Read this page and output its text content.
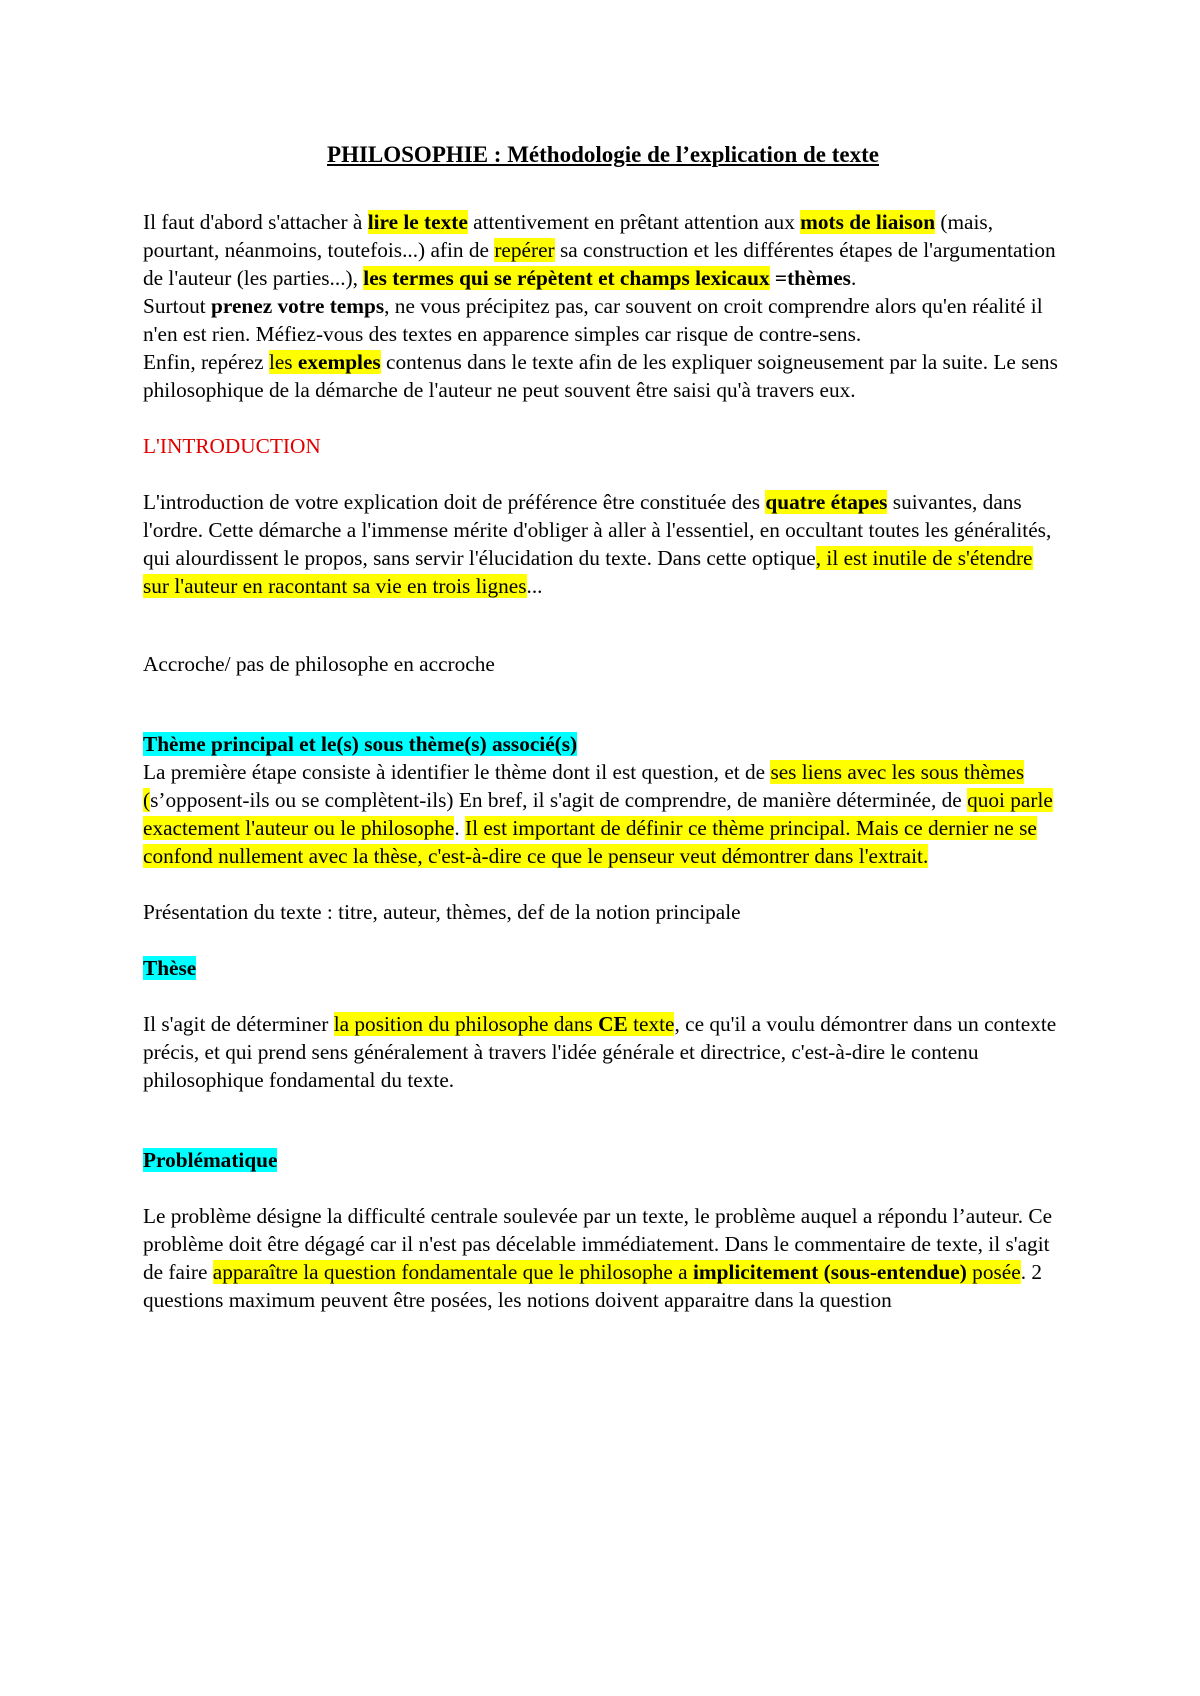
PHILOSOPHIE : Méthodologie de l’explication de texte

Il faut d'abord s'attacher à lire le texte attentivement en prêtant attention aux mots de liaison (mais, pourtant, néanmoins, toutefois...) afin de repérer sa construction et les différentes étapes de l'argumentation de l'auteur (les parties...), les termes qui se répètent et champs lexicaux =thèmes.

Surtout prenez votre temps, ne vous précipitez pas, car souvent on croit comprendre alors qu'en réalité il n'en est rien. Méfiez-vous des textes en apparence simples car risque de contre-sens.

Enfin, repérez les exemples contenus dans le texte afin de les expliquer soigneusement par la suite. Le sens philosophique de la démarche de l'auteur ne peut souvent être saisi qu'à travers eux.

L'INTRODUCTION

L'introduction de votre explication doit de préférence être constituée des quatre étapes suivantes, dans l'ordre. Cette démarche a l'immense mérite d'obliger à aller à l'essentiel, en occultant toutes les généralités, qui alourdissent le propos, sans servir l'élucidation du texte. Dans cette optique, il est inutile de s'étendre sur l'auteur en racontant sa vie en trois lignes...

Accroche/ pas de philosophe en accroche

Thème principal et le(s) sous thème(s) associé(s)

La première étape consiste à identifier le thème dont il est question, et de ses liens avec les sous thèmes (s’opposent-ils ou se complètent-ils) En bref, il s'agit de comprendre, de manière déterminée, de quoi parle exactement l'auteur ou le philosophe. Il est important de définir ce thème principal. Mais ce dernier ne se confond nullement avec la thèse, c'est-à-dire ce que le penseur veut démontrer dans l'extrait.

Présentation du texte : titre, auteur, thèmes, def de la notion principale

Thèse

Il s'agit de déterminer la position du philosophe dans CE texte, ce qu'il a voulu démontrer dans un contexte précis, et qui prend sens généralement à travers l'idée générale et directrice, c'est-à-dire le contenu philosophique fondamental du texte.

Problématique

Le problème désigne la difficulté centrale soulevée par un texte, le problème auquel a répondu l’auteur. Ce problème doit être dégagé car il n'est pas décelable immédiatement. Dans le commentaire de texte, il s'agit de faire apparaître la question fondamentale que le philosophe a implicitement (sous-entendue) posée. 2 questions maximum peuvent être posées, les notions doivent apparaitre dans la question
